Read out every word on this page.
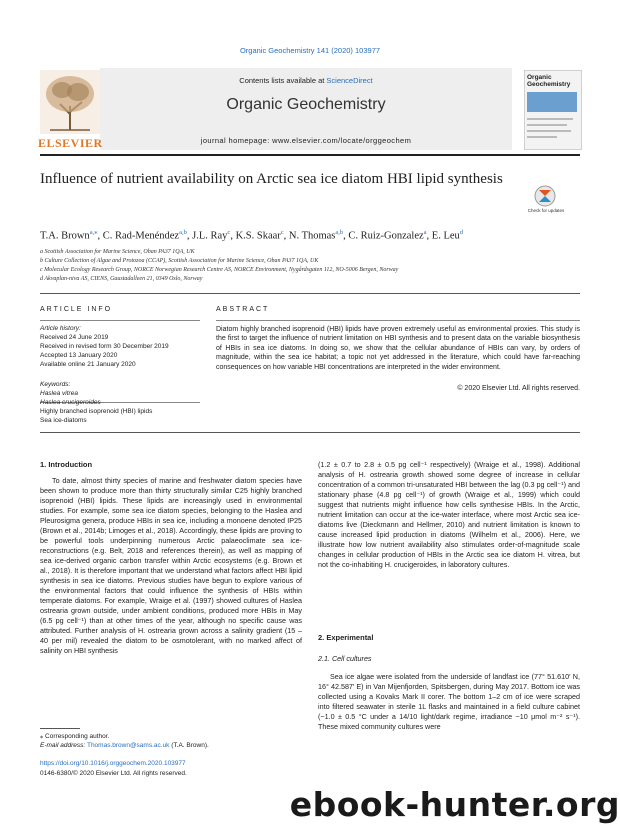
Organic Geochemistry 141 (2020) 103977
ELSEVIER
Contents lists available at ScienceDirect
Organic Geochemistry
journal homepage: www.elsevier.com/locate/orggeochem
Organic Geochemistry
Influence of nutrient availability on Arctic sea ice diatom HBI lipid synthesis
Check for updates
T.A. Brown$^{a,⁎}$, C. Rad-Menéndez$^{a,b}$, J.L. Ray$^c$, K.S. Skaar$^c$, N. Thomas$^{a,b}$, C. Ruiz-Gonzalez$^a$, E. Leu$^d$
a Scottish Association for Marine Science, Oban PA37 1QA, UK
b Culture Collection of Algae and Protozoa (CCAP), Scottish Association for Marine Science, Oban PA37 1QA, UK
c Molecular Ecology Research Group, NORCE Norwegian Research Centre AS, NORCE Environment, Nygårdsgaten 112, NO-5006 Bergen, Norway
d Akvaplan-niva AS, CIENS, Gaustadalleen 21, 0349 Oslo, Norway
ARTICLE INFO	ABSTRACT
Article history:
Received 24 June 2019
Received in revised form 30 December 2019
Accepted 13 January 2020
Available online 21 January 2020
Keywords:
Haslea vitrea
Haslea crucigeroides
Highly branched isoprenoid (HBI) lipids
Sea ice-diatoms
Diatom highly branched isoprenoid (HBI) lipids have proven extremely useful as environmental proxies. This study is the first to target the influence of nutrient limitation on HBI synthesis and to present data on the variable biosynthesis of HBIs in sea ice diatoms. In doing so, we show that the cellular abundance of HBIs can vary, by orders of magnitude, within the sea ice habitat; a topic not yet addressed in the literature, which could have far-reaching consequences on how variable HBI concentrations are interpreted in the wider environment.
© 2020 Elsevier Ltd. All rights reserved.
1. Introduction

To date, almost thirty species of marine and freshwater diatom species have been shown to produce more than thirty structurally similar C25 highly branched isoprenoid (HBI) lipids. These lipids are increasingly used in environmental studies. For example, some sea ice diatom species, belonging to the Haslea and Pleurosigma genera, produce HBIs in sea ice, including a monoene denoted IP25 (Brown et al., 2014b; Limoges et al., 2018). Accordingly, these lipids are proving to be powerful tools underpinning numerous Arctic palaeoclimate sea ice-reconstructions (e.g. Belt, 2018 and references therein), as well as mapping of sea ice-derived organic carbon transfer within Arctic ecosystems (e.g. Brown et al., 2018). It is therefore important that we understand what factors affect HBI lipid synthesis in sea ice diatoms. Previous studies have begun to explore various of the environmental factors that could influence the synthesis of HBIs within temperate diatoms. For example, Wraige et al. (1997) showed cultures of Haslea ostrearia grown outside, under ambient conditions, produced more HBIs in May (6.5 pg cell⁻¹) than at other times of the year, although no specific cause was attributed. Further analysis of H. ostrearia grown across a salinity gradient (15 – 40 per mil) revealed the diatom to be osmotolerant, with no marked affect of salinity on HBI synthesis

(1.2 ± 0.7 to 2.8 ± 0.5 pg cell⁻¹ respectively) (Wraige et al., 1998). Additional analysis of H. ostrearia growth showed some degree of increase in cellular concentration of a common tri-unsaturated HBI between the lag (0.3 pg cell⁻¹) and stationary phase (4.8 pg cell⁻¹) of growth (Wraige et al., 1999) which could suggest that nutrients might influence how cells synthesise HBIs. In the Arctic, nutrient limitation can occur at the ice-water interface, where most Arctic sea ice-diatoms live (Dieckmann and Hellmer, 2010) and nutrient limitation is known to cause increased lipid production in diatoms (Wilhelm et al., 2006). Here, we illustrate how low nutrient availability also stimulates order-of-magnitude scale changes in cellular production of HBIs in the Arctic sea ice diatom H. vitrea, but not the co-inhabiting H. crucigeroides, in laboratory cultures.

2. Experimental
2.1. Cell cultures

Sea ice algae were isolated from the underside of landfast ice (77° 51.610′ N, 16° 42.587′ E) in Van Mijenfjorden, Spitsbergen, during May 2017. Bottom ice was collected using a Kovaks Mark II corer. The bottom 1–2 cm of ice were scraped into filtered seawater in sterile 1L flasks and maintained in a field culture cabinet (−1.0 ± 0.5 °C under a 14/10 light/dark regime, irradiance ~10 μmol m⁻² s⁻¹). These mixed community cultures were

⁎ Corresponding author.
E-mail address: Thomas.brown@sams.ac.uk (T.A. Brown).
https://doi.org/10.1016/j.orggeochem.2020.103977
0146-6380/© 2020 Elsevier Ltd. All rights reserved.
ebook-hunter.org
